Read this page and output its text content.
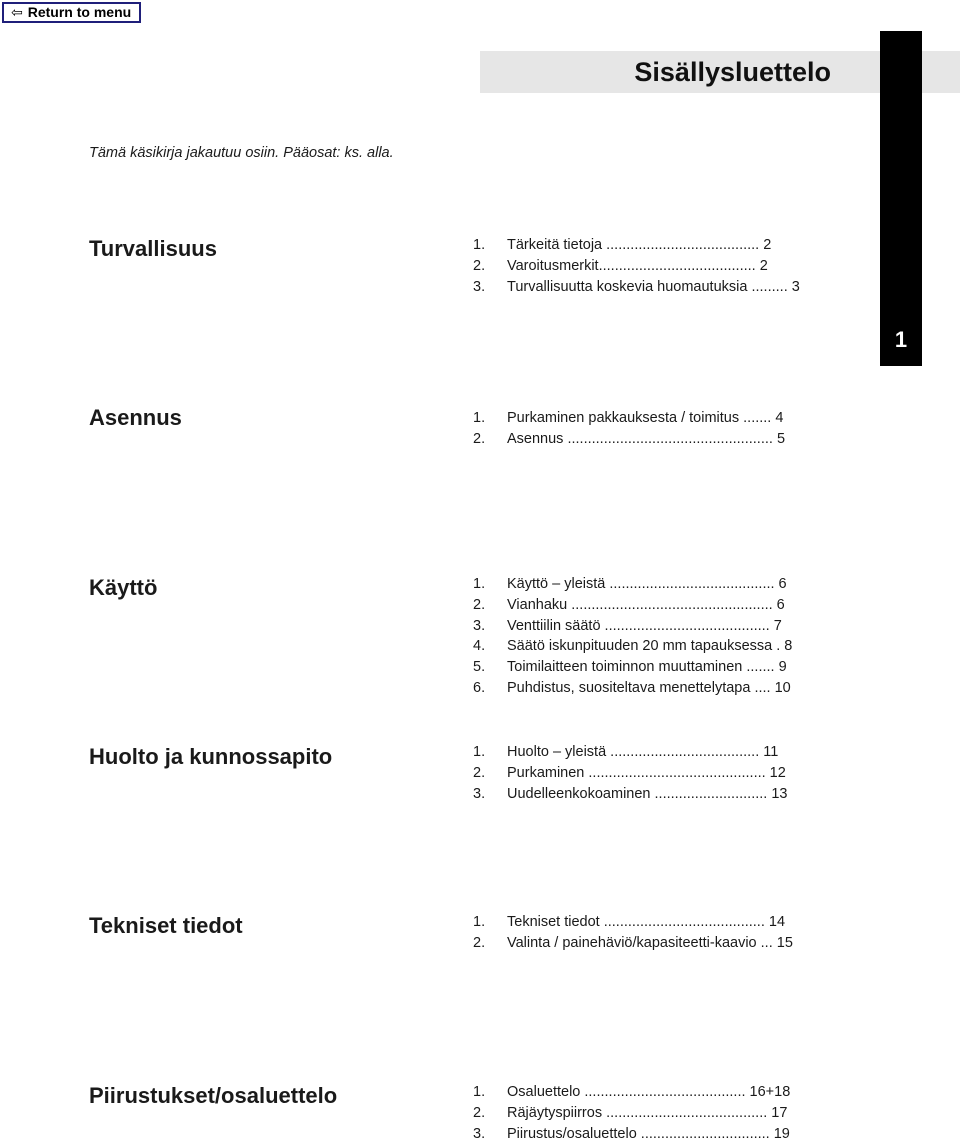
⇦ Return to menu
Sisällysluettelo
1
Tämä käsikirja jakautuu osiin. Pääosat: ks. alla.
Turvallisuus	1.	Tärkeitä tietoja ...................................... 2
2.	Varoitusmerkit....................................... 2
3.	Turvallisuutta koskevia huomautuksia ......... 3
Asennus	1.	Purkaminen pakkauksesta / toimitus ....... 4
2.	Asennus ................................................... 5
Käyttö	1.	Käyttö – yleistä ......................................... 6
2.	Vianhaku .................................................. 6
3.	Venttiilin säätö ......................................... 7
4.	Säätö iskunpituuden 20 mm tapauksessa . 8
5.	Toimilaitteen toiminnon muuttaminen ....... 9
6.	Puhdistus, suositeltava menettelytapa .... 10
Huolto ja kunnossapito	1.	Huolto – yleistä ..................................... 11
2.	Purkaminen ............................................ 12
3.	Uudelleenkokoaminen ............................ 13
Tekniset tiedot	1.	Tekniset tiedot ........................................ 14
2.	Valinta / painehäviö/kapasiteetti-kaavio ... 15
Piirustukset/osaluettelo	1.	Osaluettelo ........................................ 16+18
2.	Räjäytyspiirros ........................................ 17
3.	Piirustus/osaluettelo ................................ 19
